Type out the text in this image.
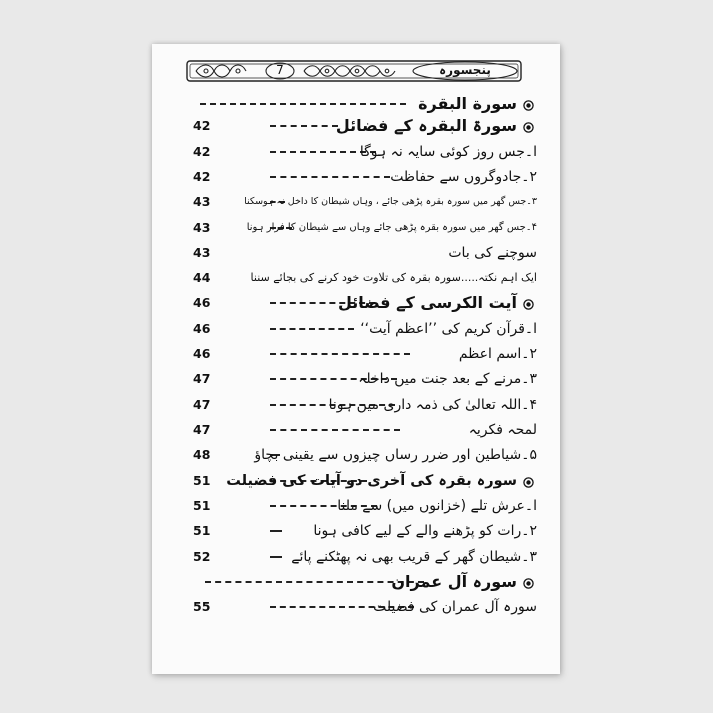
7	پنجسورہ
سورة البقرة
42	سورۃ البقرہ کے فضائل
42	ا۔جس روز کوئی سایہ نہ ہوگا
42	۲۔جادوگروں سے حفاظت
43	۳۔جس گھر میں سورہ بقرہ پڑھی جائے ، وہاں شیطان کا داخل نہ ہوسکنا
43	۴۔جس گھر میں سورہ بقرہ پڑھی جائے وہاں سے شیطان کا فرار ہونا
43	سوچنے کی بات
44	ایک اہم نکتہ.....سورہ بقرہ کی تلاوت خود کرنے کی بجائے سننا
46	آیت الکرسی کے فضائل
46	ا۔قرآن کریم کی ’’اعظم آیت‘‘
46	۲۔اسم اعظم
47	۳۔مرنے کے بعد جنت میں داخلہ
47	۴۔اللہ تعالیٰ کی ذمہ داری میں ہونا
47	لمحہ فکریہ
48	۵۔شیاطین اور ضرر رساں چیزوں سے یقینی بچاؤ
51	سورہ بقرہ کی آخری دو آیات کی فضیلت
51	ا۔عرش تلے (خزانوں میں) سے ملنا
51	۲۔رات کو پڑھنے والے کے لیے کافی ہونا
52	۳۔شیطان گھر کے قریب بھی نہ پھٹکنے پائے
سورہ آل عمران
55	سورہ آل عمران کی فضیلت
